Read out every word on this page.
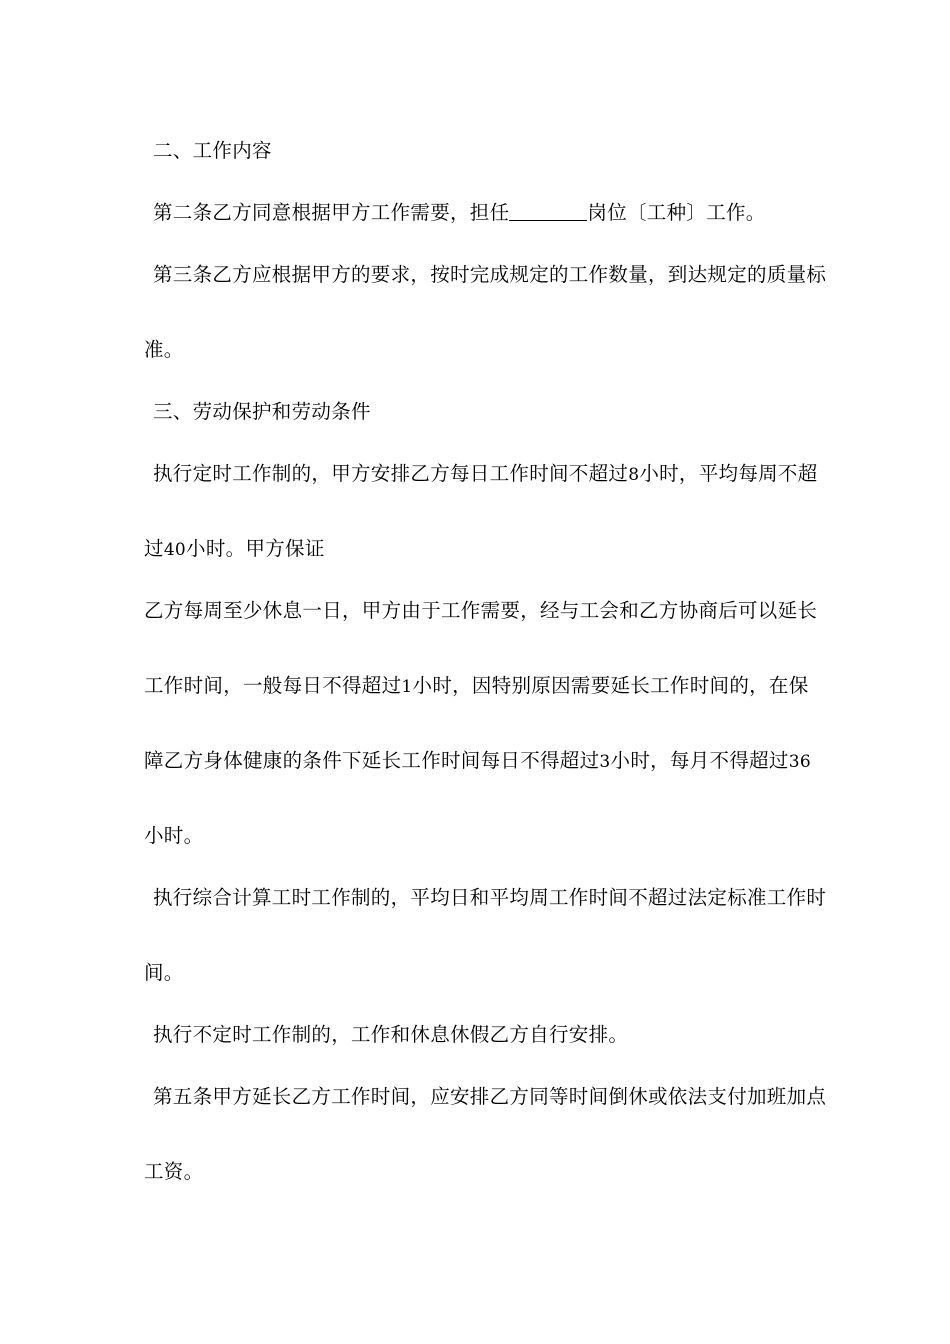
二、工作内容
第二条乙方同意根据甲方工作需要，担任	岗位〔工种〕工作。
第三条乙方应根据甲方的要求，按时完成规定的工作数量，到达规定的质量标
准。
三、劳动保护和劳动条件
执行定时工作制的，甲方安排乙方每日工作时间不超过8小时，平均每周不超
过40小时。甲方保证
乙方每周至少休息一日，甲方由于工作需要，经与工会和乙方协商后可以延长
工作时间，一般每日不得超过1小时，因特别原因需要延长工作时间的，在保
障乙方身体健康的条件下延长工作时间每日不得超过3小时，每月不得超过36
小时。
执行综合计算工时工作制的，平均日和平均周工作时间不超过法定标准工作时
间。
执行不定时工作制的，工作和休息休假乙方自行安排。
第五条甲方延长乙方工作时间，应安排乙方同等时间倒休或依法支付加班加点
工资。
